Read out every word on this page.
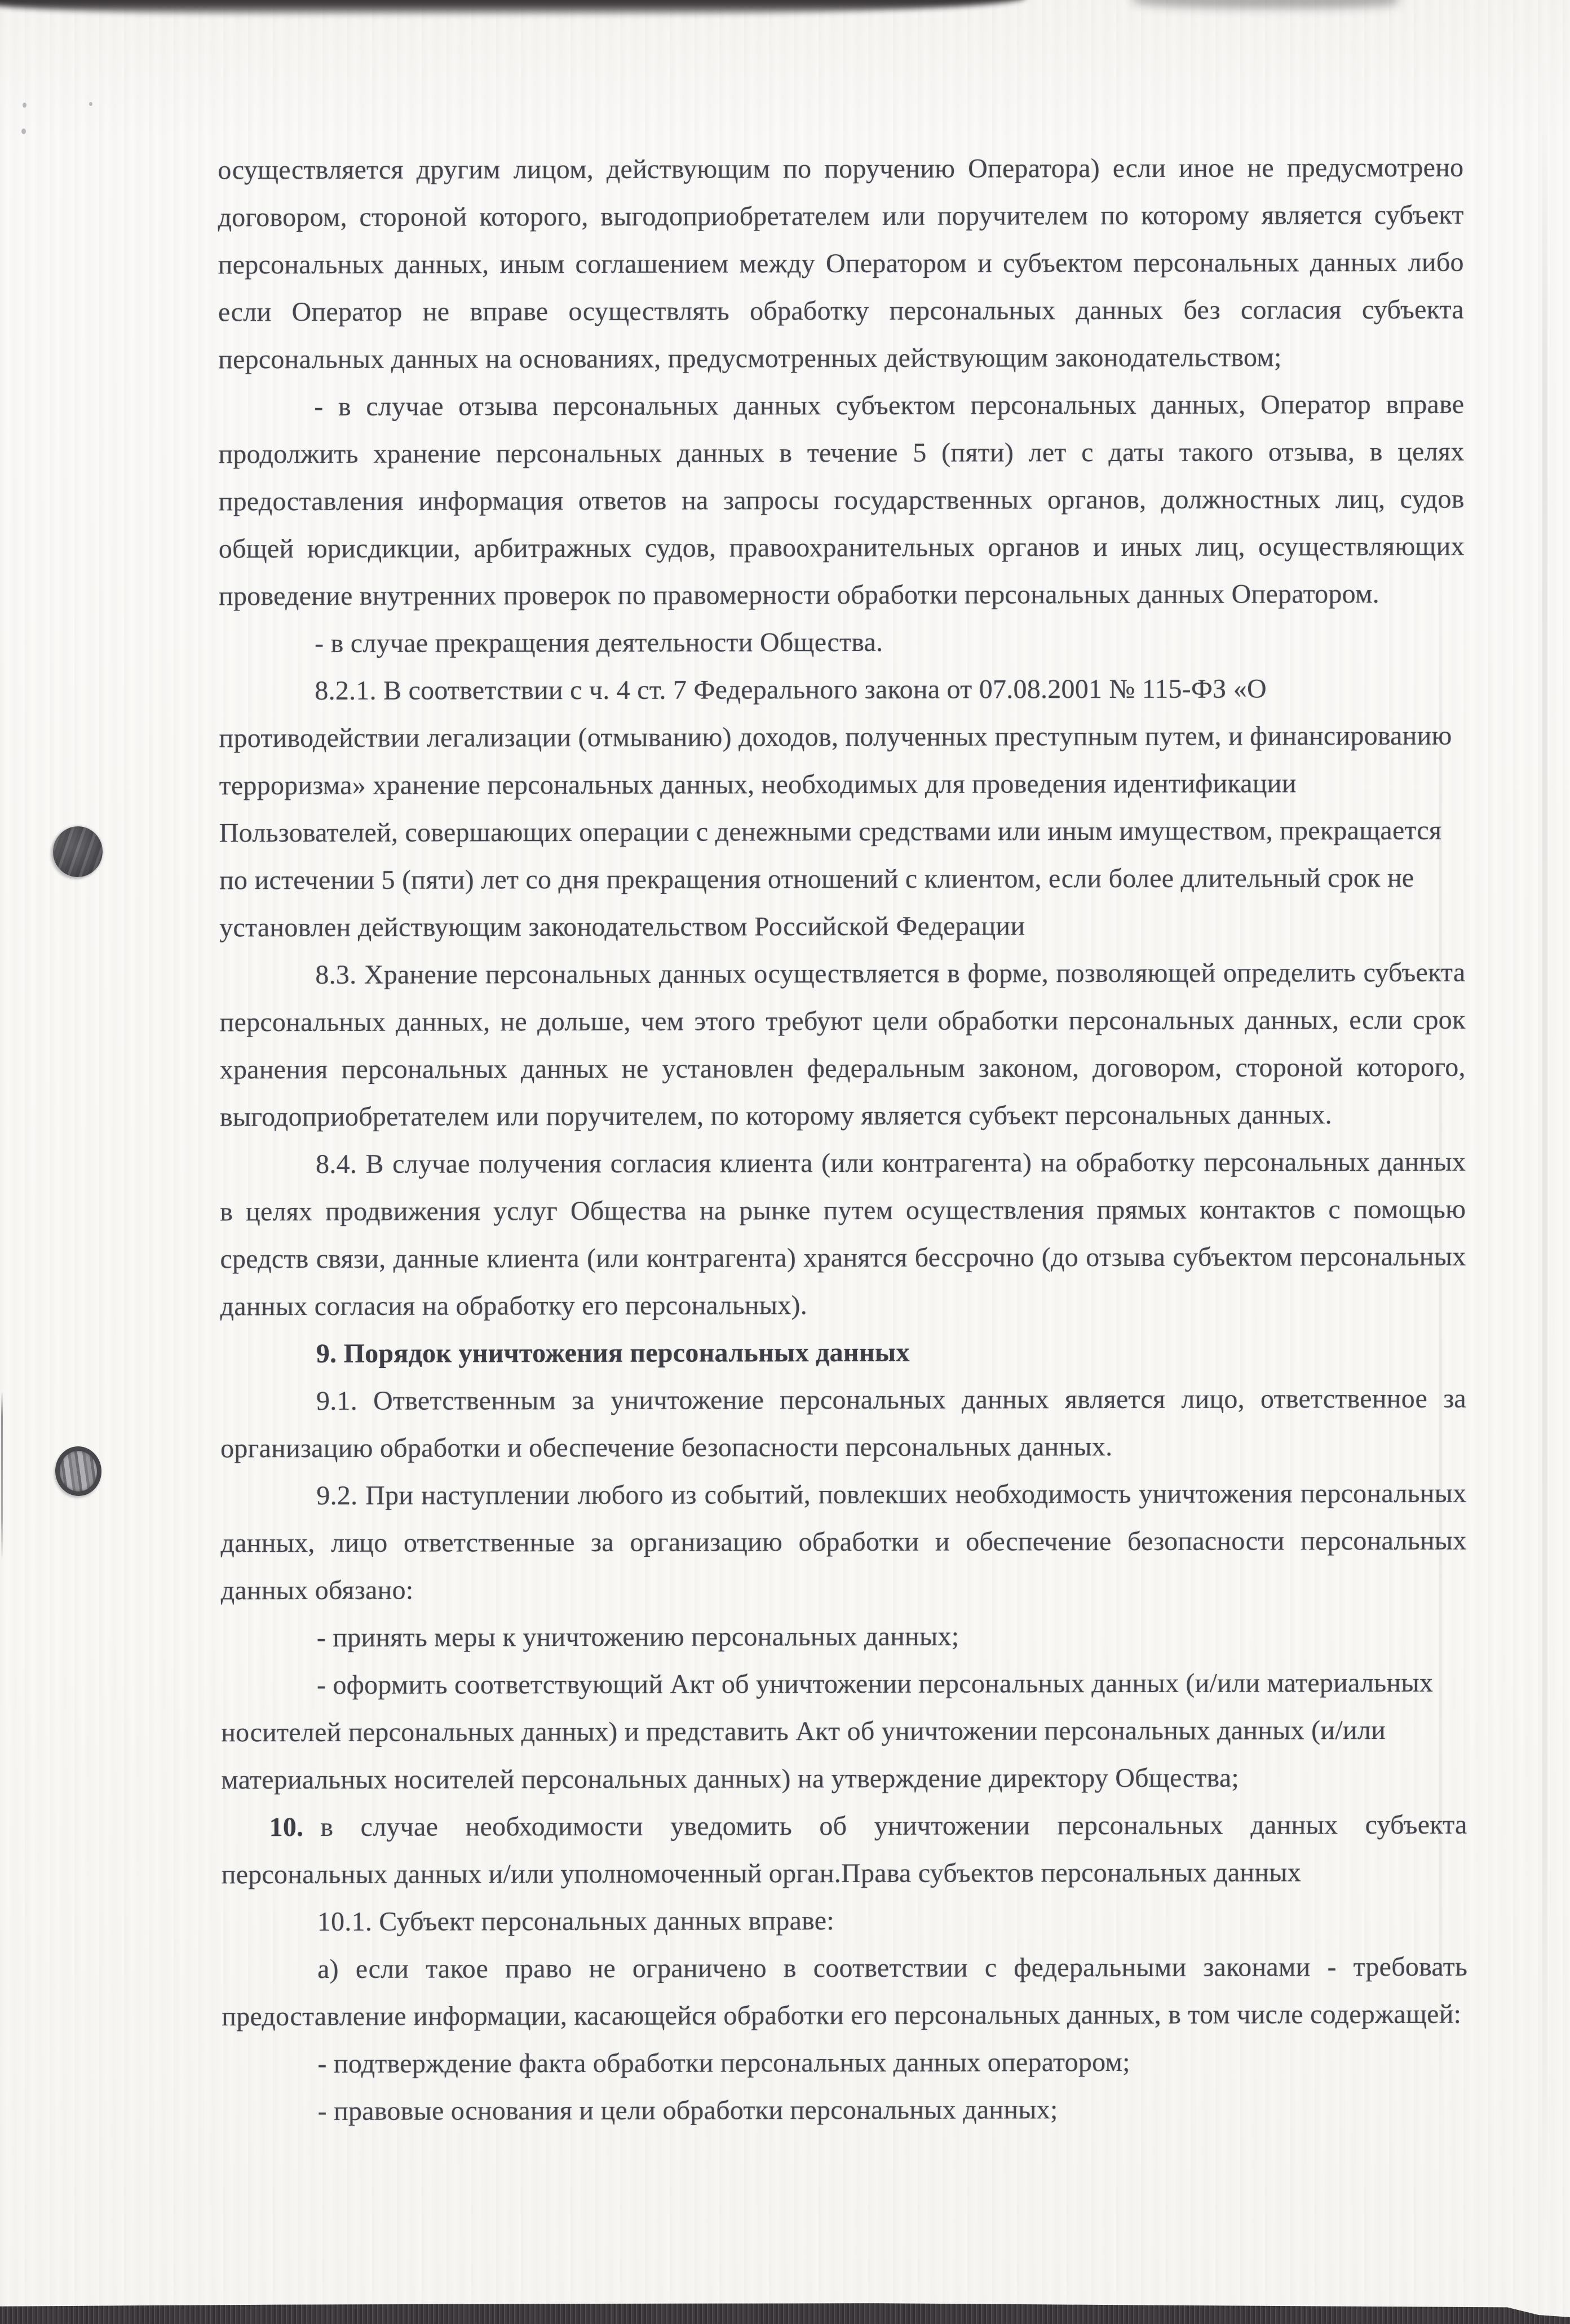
осуществляется другим лицом, действующим по поручению Оператора) если иное не предусмотрено договором, стороной которого, выгодоприобретателем или поручителем по которому является субъект персональных данных, иным соглашением между Оператором и субъектом персональных данных либо если Оператор не вправе осуществлять обработку персональных данных без согласия субъекта персональных данных на основаниях, предусмотренных действующим законодательством;

- в случае отзыва персональных данных субъектом персональных данных, Оператор вправе продолжить хранение персональных данных в течение 5 (пяти) лет с даты такого отзыва, в целях предоставления информация ответов на запросы государственных органов, должностных лиц, судов общей юрисдикции, арбитражных судов, правоохранительных органов и иных лиц, осуществляющих проведение внутренних проверок по правомерности обработки персональных данных Оператором.

- в случае прекращения деятельности Общества.

8.2.1. В соответствии с ч. 4 ст. 7 Федерального закона от 07.08.2001 № 115-ФЗ «О противодействии легализации (отмыванию) доходов, полученных преступным путем, и финансированию терроризма» хранение персональных данных, необходимых для проведения идентификации Пользователей, совершающих операции с денежными средствами или иным имуществом, прекращается по истечении 5 (пяти) лет со дня прекращения отношений с клиентом, если более длительный срок не установлен действующим законодательством Российской Федерации

8.3. Хранение персональных данных осуществляется в форме, позволяющей определить субъекта персональных данных, не дольше, чем этого требуют цели обработки персональных данных, если срок хранения персональных данных не установлен федеральным законом, договором, стороной которого, выгодоприобретателем или поручителем, по которому является субъект персональных данных.

8.4. В случае получения согласия клиента (или контрагента) на обработку персональных данных в целях продвижения услуг Общества на рынке путем осуществления прямых контактов с помощью средств связи, данные клиента (или контрагента) хранятся бессрочно (до отзыва субъектом персональных данных согласия на обработку его персональных).

9. Порядок уничтожения персональных данных

9.1. Ответственным за уничтожение персональных данных является лицо, ответственное за организацию обработки и обеспечение безопасности персональных данных.

9.2. При наступлении любого из событий, повлекших необходимость уничтожения персональных данных, лицо ответственные за организацию обработки и обеспечение безопасности персональных данных обязано:

- принять меры к уничтожению персональных данных;

- оформить соответствующий Акт об уничтожении персональных данных (и/или материальных носителей персональных данных) и представить Акт об уничтожении персональных данных (и/или материальных носителей персональных данных) на утверждение директору Общества;

10. в случае необходимости уведомить об уничтожении персональных данных субъекта персональных данных и/или уполномоченный орган.Права субъектов персональных данных

10.1. Субъект персональных данных вправе:

а) если такое право не ограничено в соответствии с федеральными законами - требовать предоставление информации, касающейся обработки его персональных данных, в том числе содержащей:

- подтверждение факта обработки персональных данных оператором;

- правовые основания и цели обработки персональных данных;
